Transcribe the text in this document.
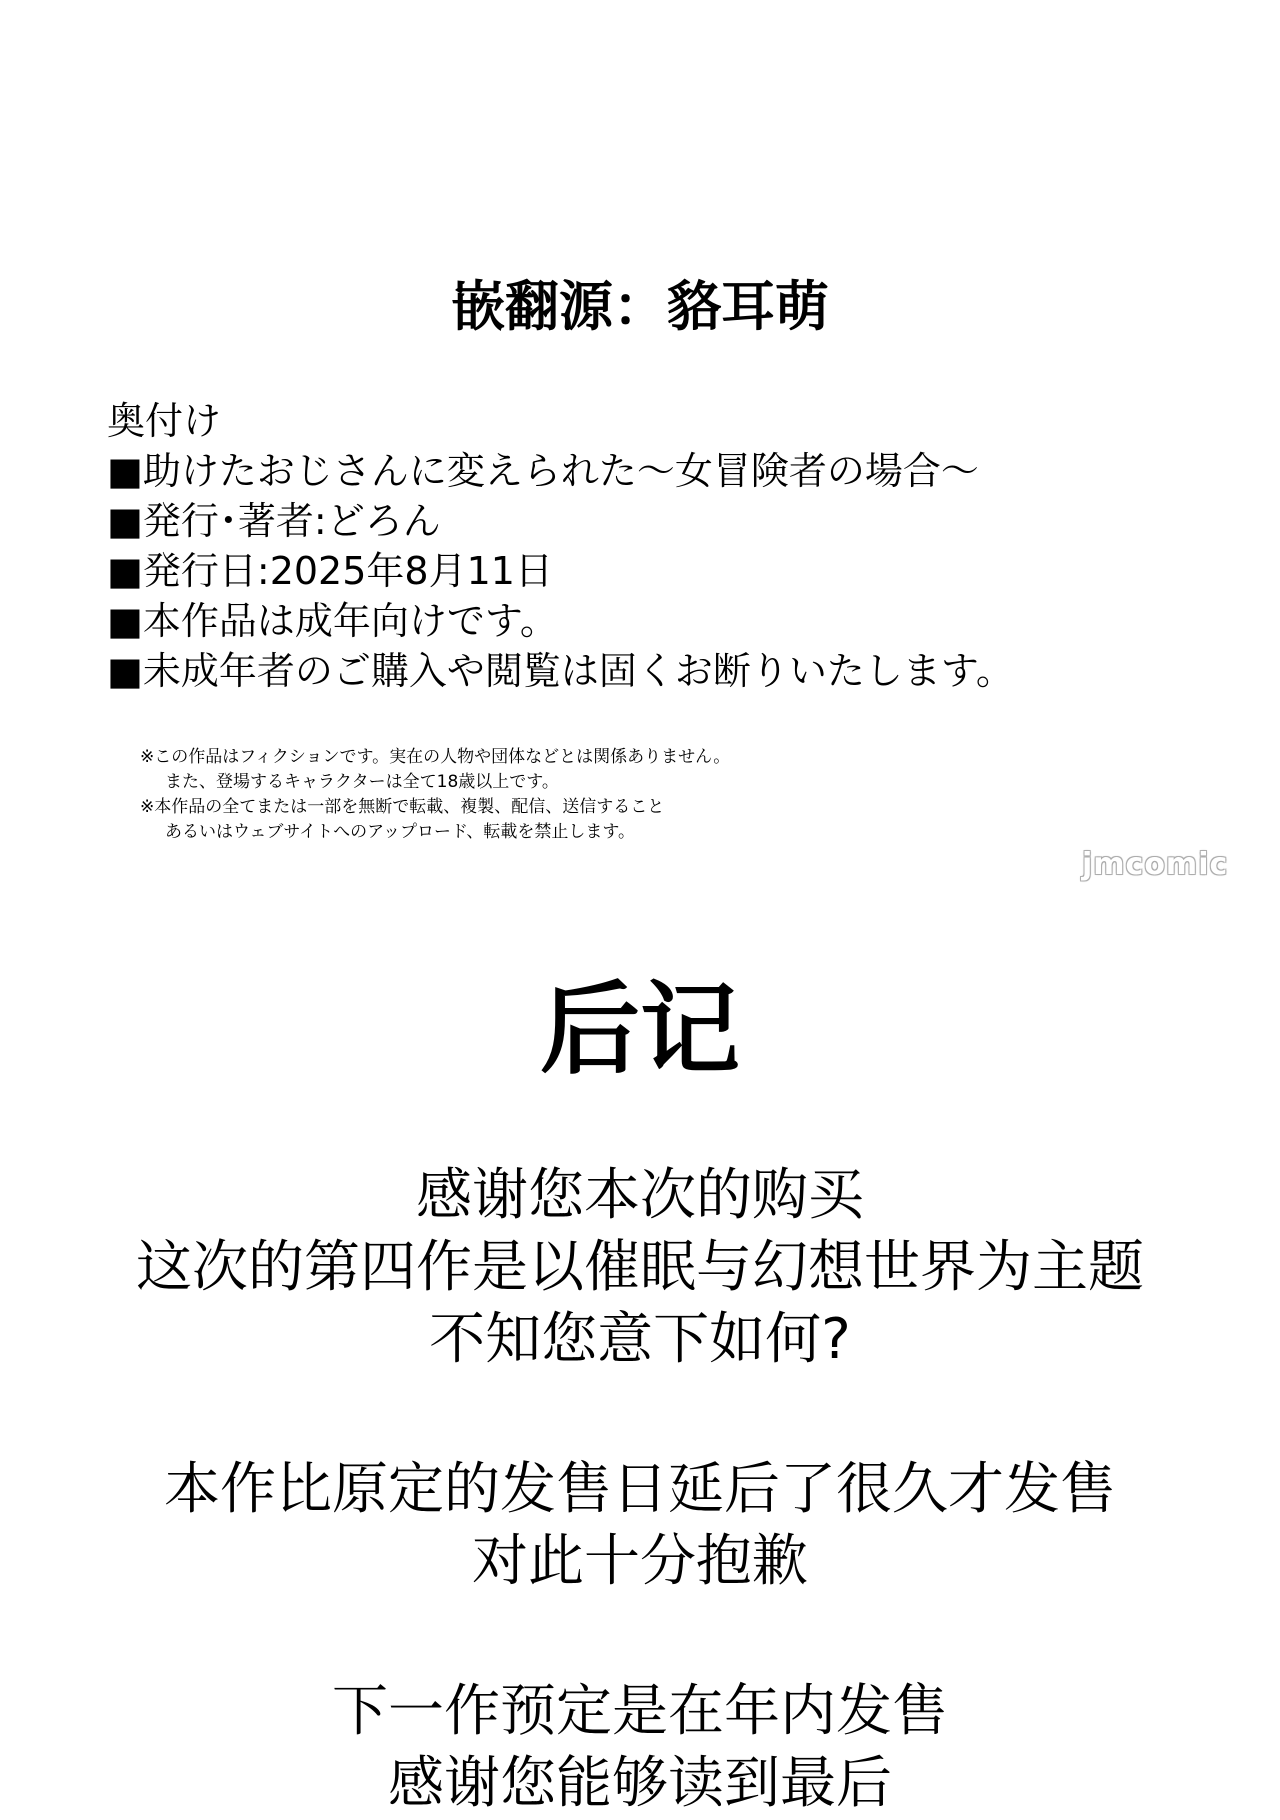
嵌翻源：貉耳萌
奥付け
■助けたおじさんに変えられた～女冒険者の場合～
■発行･著者:どろん
■発行日:2025年8月11日
■本作品は成年向けです。
■未成年者のご購入や閲覧は固くお断りいたします。
※この作品はフィクションです。実在の人物や団体などとは関係ありません。
また、登場するキャラクターは全て18歳以上です。
※本作品の全てまたは一部を無断で転載、複製、配信、送信すること
あるいはウェブサイトへのアップロード、転載を禁止します。
jmcomic
后记
感谢您本次的购买
这次的第四作是以催眠与幻想世界为主题
不知您意下如何?
本作比原定的发售日延后了很久才发售
对此十分抱歉
下一作预定是在年内发售
感谢您能够读到最后
